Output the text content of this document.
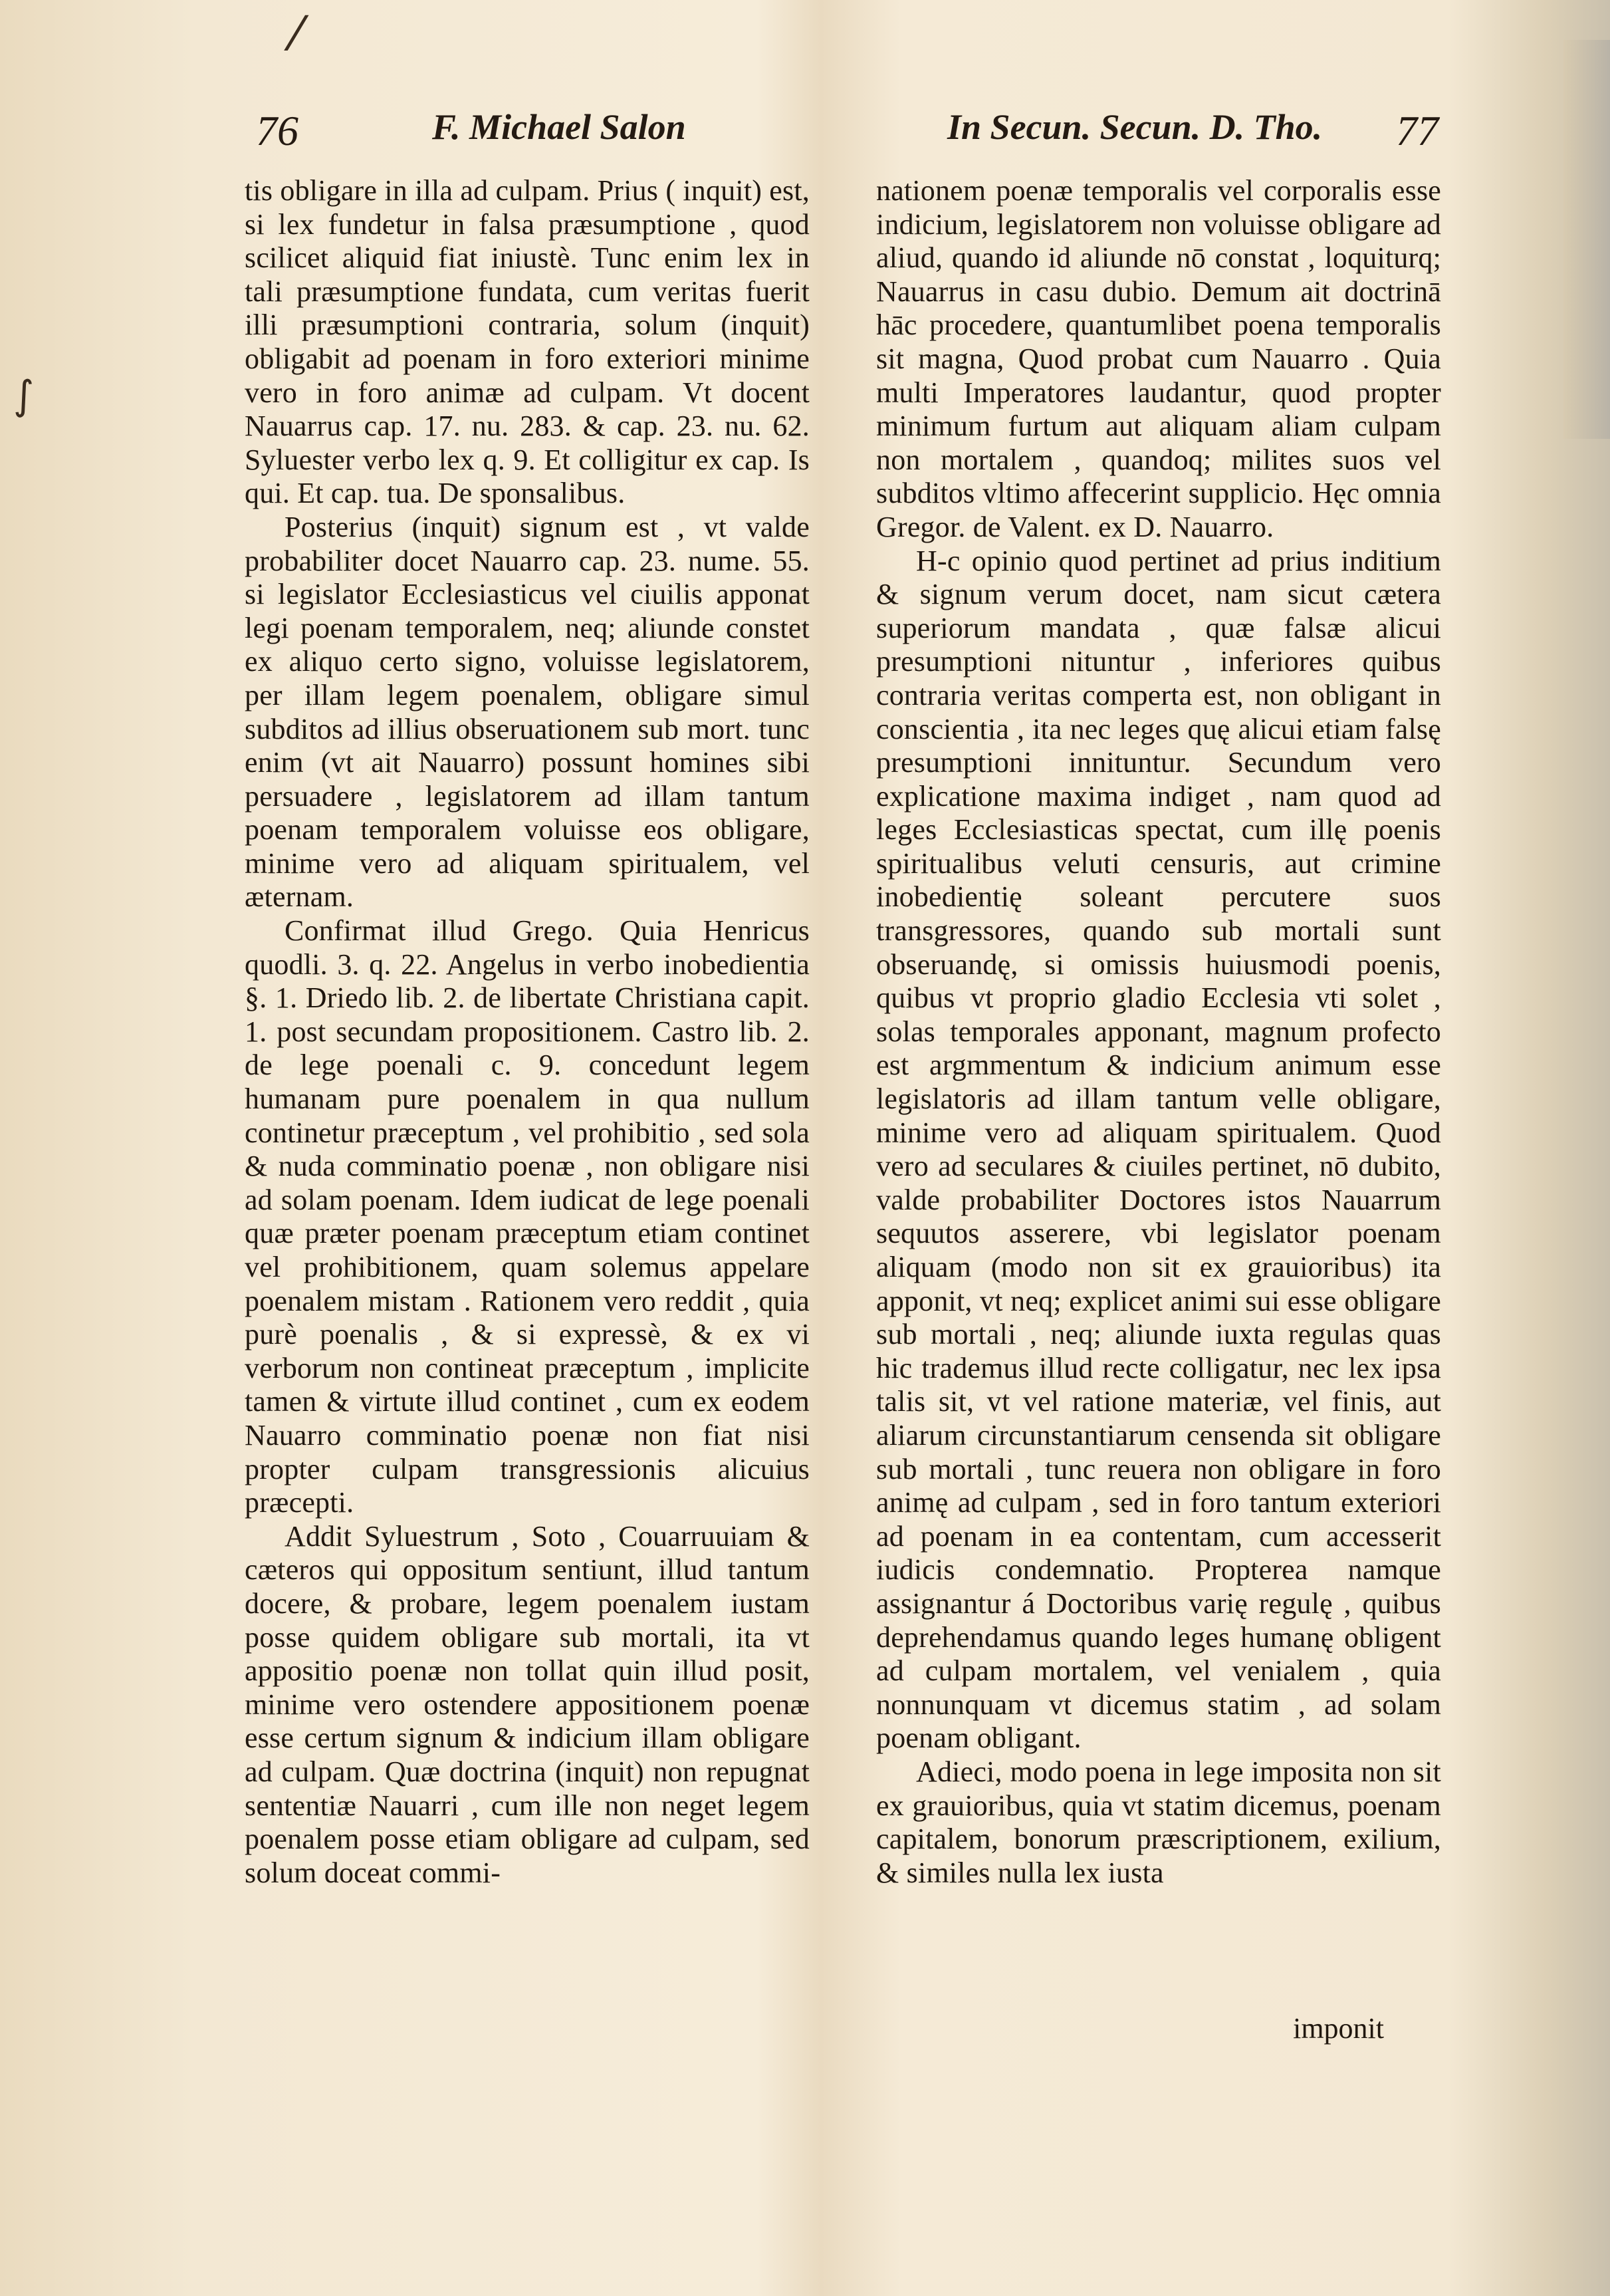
⁄
∫
76	F. Michael Salon

tis obligare in illa ad culpam. Prius ( inquit) est, si lex fundetur in falsa præsumptione , quod scilicet aliquid fiat iniustè. Tunc enim lex in tali præsumptione fundata, cum veritas fuerit illi præsumptioni contraria, solum (inquit) obligabit ad poenam in foro exteriori minime vero in foro animæ ad culpam. Vt docent Nauarrus cap. 17. nu. 283. & cap. 23. nu. 62. Syluester verbo lex q. 9. Et colligitur ex cap. Is qui. Et cap. tua. De sponsalibus.

Posterius (inquit) signum est , vt valde probabiliter docet Nauarro cap. 23. nume. 55. si legislator Ecclesiasticus vel ciuilis apponat legi poenam temporalem, neq; aliunde constet ex aliquo certo signo, voluisse legislatorem, per illam legem poenalem, obligare simul subditos ad illius obseruationem sub mort. tunc enim (vt ait Nauarro) possunt homines sibi persuadere , legislatorem ad illam tantum poenam temporalem voluisse eos obligare, minime vero ad aliquam spiritualem, vel æternam.

Confirmat illud Grego. Quia Henricus quodli. 3. q. 22. Angelus in verbo inobedientia §. 1. Driedo lib. 2. de libertate Christiana capit. 1. post secundam propositionem. Castro lib. 2. de lege poenali c. 9. concedunt legem humanam pure poenalem in qua nullum continetur præceptum , vel prohibitio , sed sola & nuda comminatio poenæ , non obligare nisi ad solam poenam. Idem iudicat de lege poenali quæ præter poenam præceptum etiam continet vel prohibitionem, quam solemus appelare poenalem mistam . Rationem vero reddit , quia purè poenalis , & si expressè, & ex vi verborum non contineat præceptum , implicite tamen & virtute illud continet , cum ex eodem Nauarro comminatio poenæ non fiat nisi propter culpam transgressionis alicuius præcepti.

Addit Syluestrum , Soto , Couarruuiam & cæteros qui oppositum sentiunt, illud tantum docere, & probare, legem poenalem iustam posse quidem obligare sub mortali, ita vt appositio poenæ non tollat quin illud posit, minime vero ostendere appositionem poenæ esse certum signum & indicium illam obligare ad culpam. Quæ doctrina (inquit) non repugnat sententiæ Nauarri , cum ille non neget legem poenalem posse etiam obligare ad culpam, sed solum doceat commi-

In Secun. Secun. D. Tho. 77

nationem poenæ temporalis vel corporalis esse indicium, legislatorem non voluisse obligare ad aliud, quando id aliunde nō constat , loquiturq; Nauarrus in casu dubio. Demum ait doctrinā hāc procedere, quantumlibet poena temporalis sit magna, Quod probat cum Nauarro . Quia multi Imperatores laudantur, quod propter minimum furtum aut aliquam aliam culpam non mortalem , quandoq; milites suos vel subditos vltimo affecerint supplicio. Hęc omnia Gregor. de Valent. ex D. Nauarro.

H-c opinio quod pertinet ad prius inditium & signum verum docet, nam sicut cætera superiorum mandata , quæ falsæ alicui presumptioni nituntur , inferiores quibus contraria veritas comperta est, non obligant in conscientia , ita nec leges quę alicui etiam falsę presumptioni innituntur. Secundum vero explicatione maxima indiget , nam quod ad leges Ecclesiasticas spectat, cum illę poenis spiritualibus veluti censuris, aut crimine inobedientię soleant percutere suos transgressores, quando sub mortali sunt obseruandę, si omissis huiusmodi poenis, quibus vt proprio gladio Ecclesia vti solet , solas temporales apponant, magnum profecto est argmmentum & indicium animum esse legislatoris ad illam tantum velle obligare, minime vero ad aliquam spiritualem. Quod vero ad seculares & ciuiles pertinet, nō dubito, valde probabiliter Doctores istos Nauarrum sequutos asserere, vbi legislator poenam aliquam (modo non sit ex grauioribus) ita apponit, vt neq; explicet animi sui esse obligare sub mortali , neq; aliunde iuxta regulas quas hic trademus illud recte colligatur, nec lex ipsa talis sit, vt vel ratione materiæ, vel finis, aut aliarum circunstantiarum censenda sit obligare sub mortali , tunc reuera non obligare in foro animę ad culpam , sed in foro tantum exteriori ad poenam in ea contentam, cum accesserit iudicis condemnatio. Propterea namque assignantur á Doctoribus varię regulę , quibus deprehendamus quando leges humanę obligent ad culpam mortalem, vel venialem , quia nonnunquam vt dicemus statim , ad solam poenam obligant.

Adieci, modo poena in lege imposita non sit ex grauioribus, quia vt statim dicemus, poenam capitalem, bonorum præscriptionem, exilium, & similes nulla lex iusta

imponit
